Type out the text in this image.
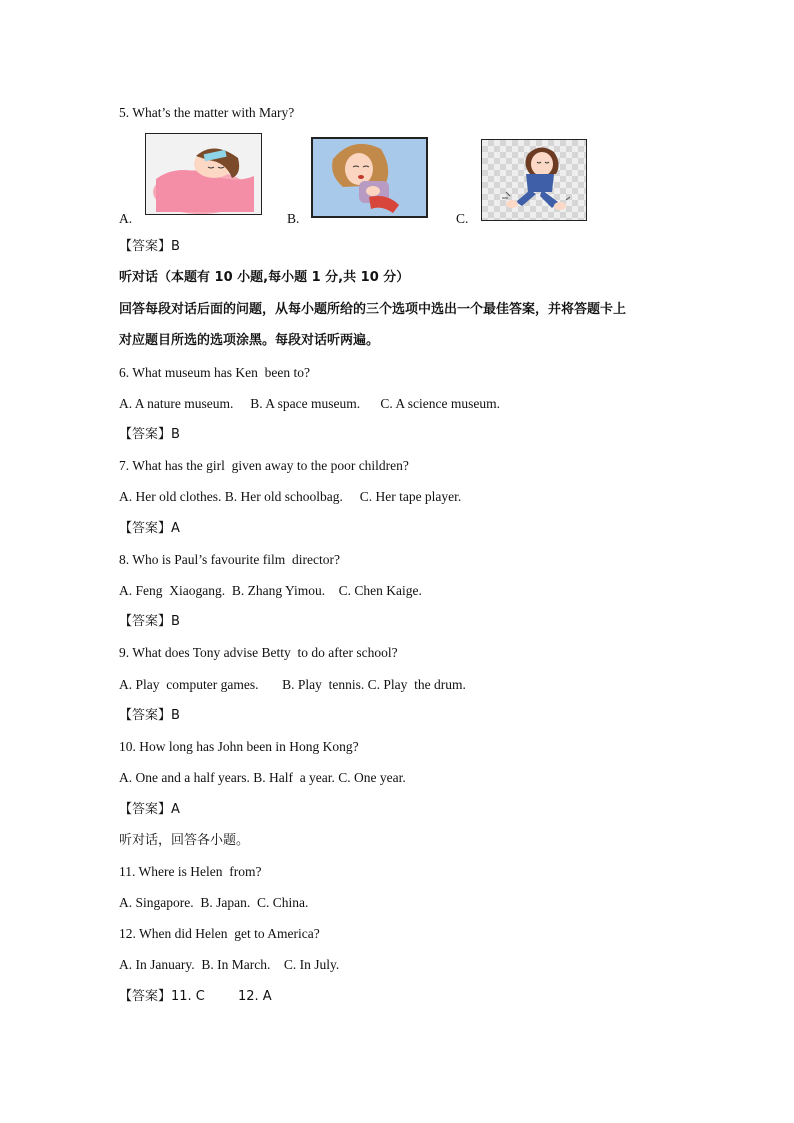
5. What’s the matter with Mary?
A.	B.	C.
【答案】B
听对话（本题有 10 小题,每小题 1 分,共 10 分）
回答每段对话后面的问题，从每小题所给的三个选项中选出一个最佳答案，并将答题卡上
对应题目所选的选项涂黑。每段对话听两遍。
6. What museum has Ken  been to?
A. A nature museum.     B. A space museum.      C. A science museum.
【答案】B
7. What has the girl  given away to the poor children?
A. Her old clothes. B. Her old schoolbag.     C. Her tape player.
【答案】A
8. Who is Paul’s favourite film  director?
A. Feng  Xiaogang.  B. Zhang Yimou.    C. Chen Kaige.
【答案】B
9. What does Tony advise Betty  to do after school?
A. Play  computer games.       B. Play  tennis. C. Play  the drum.
【答案】B
10. How long has John been in Hong Kong?
A. One and a half years. B. Half  a year. C. One year.
【答案】A
听对话，回答各小题。
11. Where is Helen  from?
A. Singapore.  B. Japan.  C. China.
12. When did Helen  get to America?
A. In January.  B. In March.    C. In July.
【答案】11. C        12. A
